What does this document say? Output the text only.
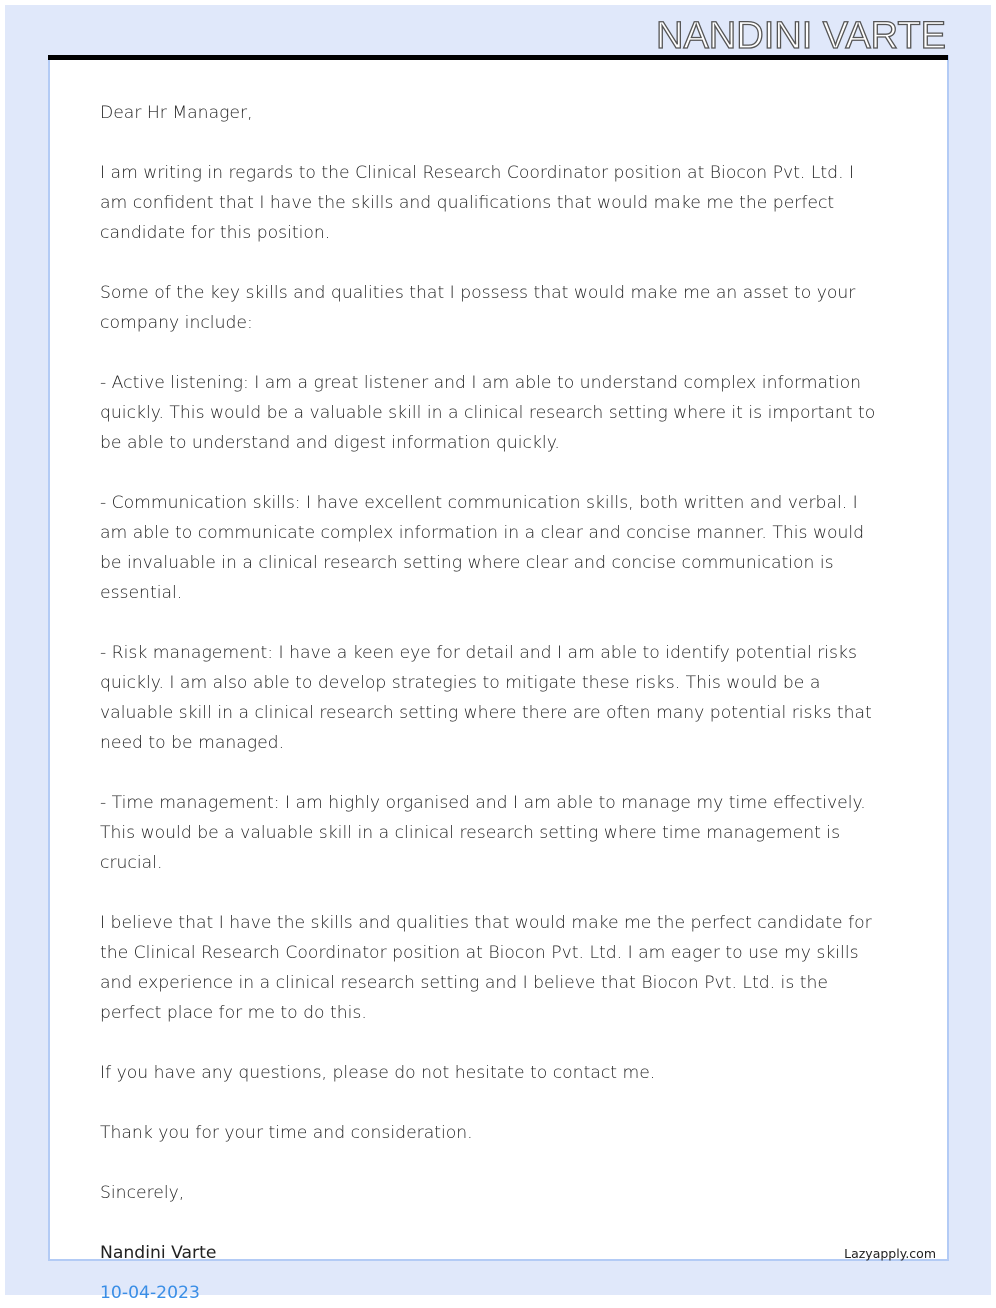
NANDINI VARTE
Dear Hr Manager,
I am writing in regards to the Clinical Research Coordinator position at Biocon Pvt. Ltd. I
am confident that I have the skills and qualifications that would make me the perfect
candidate for this position.
Some of the key skills and qualities that I possess that would make me an asset to your
company include:
- Active listening: I am a great listener and I am able to understand complex information
quickly. This would be a valuable skill in a clinical research setting where it is important to
be able to understand and digest information quickly.
- Communication skills: I have excellent communication skills, both written and verbal. I
am able to communicate complex information in a clear and concise manner. This would
be invaluable in a clinical research setting where clear and concise communication is
essential.
- Risk management: I have a keen eye for detail and I am able to identify potential risks
quickly. I am also able to develop strategies to mitigate these risks. This would be a
valuable skill in a clinical research setting where there are often many potential risks that
need to be managed.
- Time management: I am highly organised and I am able to manage my time effectively.
This would be a valuable skill in a clinical research setting where time management is
crucial.
I believe that I have the skills and qualities that would make me the perfect candidate for
the Clinical Research Coordinator position at Biocon Pvt. Ltd. I am eager to use my skills
and experience in a clinical research setting and I believe that Biocon Pvt. Ltd. is the
perfect place for me to do this.
If you have any questions, please do not hesitate to contact me.
Thank you for your time and consideration.
Sincerely,
Nandini Varte
10-04-2023
Lazyapply.com
